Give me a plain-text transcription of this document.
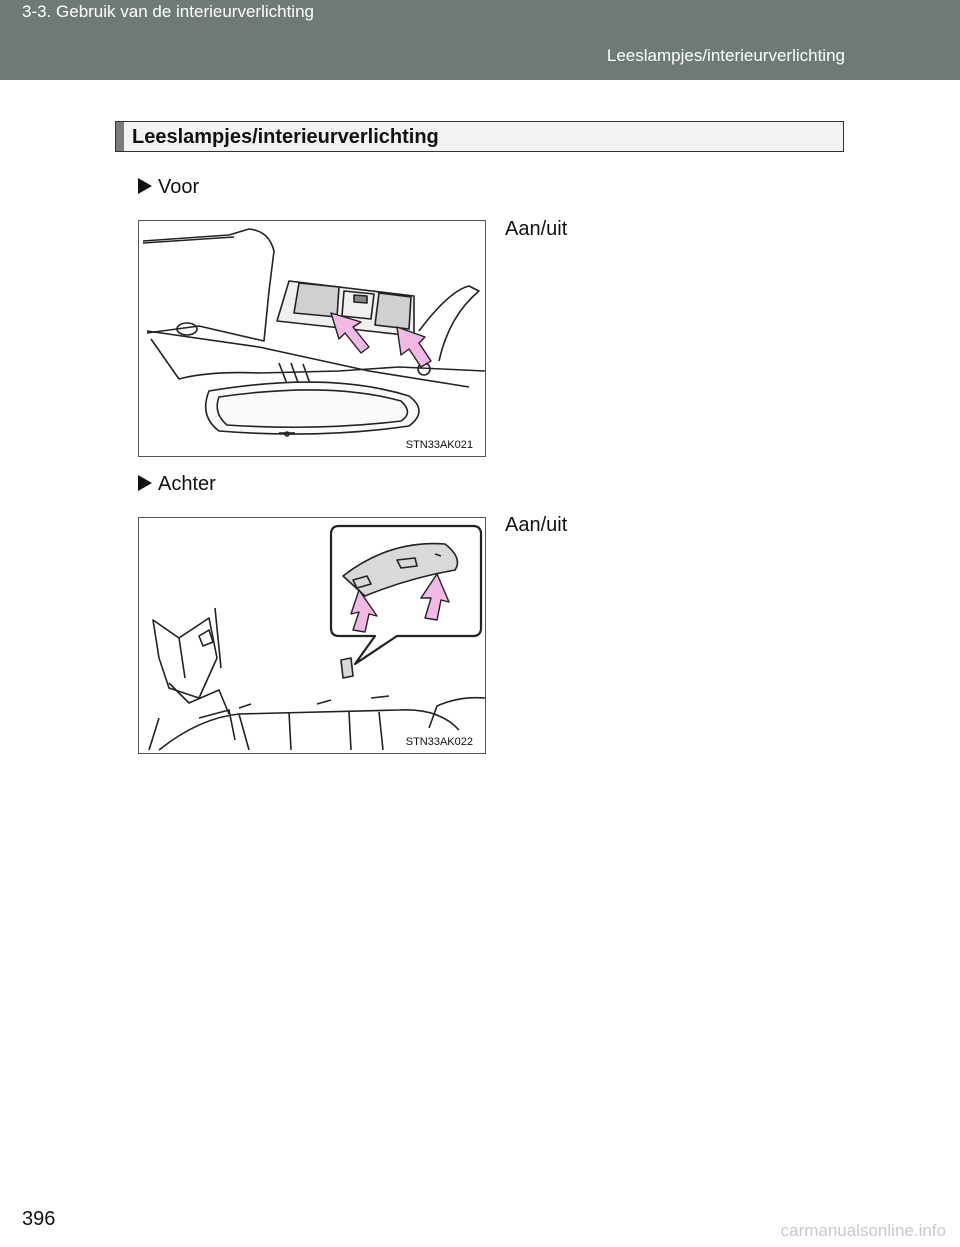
3-3. Gebruik van de interieurverlichting
Leeslampjes/interieurverlichting
Leeslampjes/interieurverlichting
Voor
Aan/uit
STN33AK021
Achter
Aan/uit
STN33AK022
396
carmanualsonline.info
